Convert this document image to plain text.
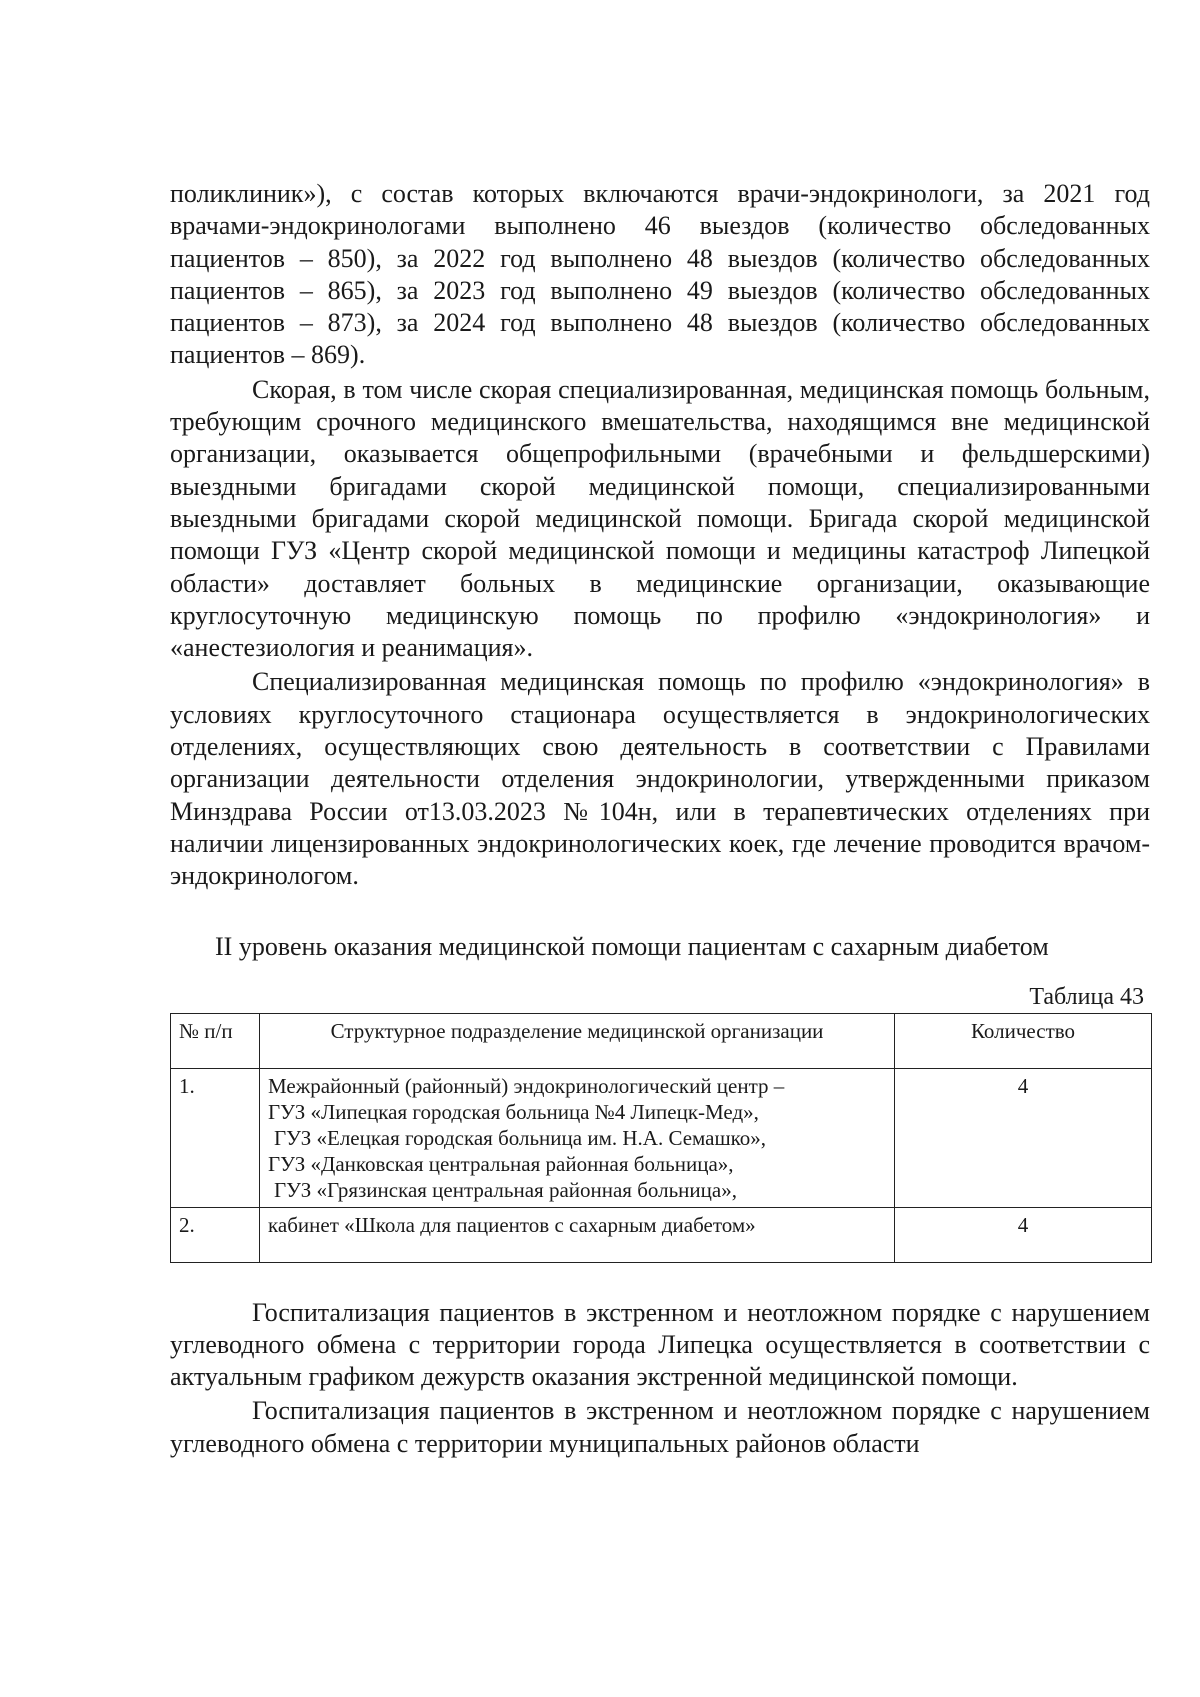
поликлиник»), с состав которых включаются врачи-эндокринологи, за 2021 год врачами-эндокринологами выполнено 46 выездов (количество обследованных пациентов – 850), за 2022 год выполнено 48 выездов (количество обследованных пациентов – 865), за 2023 год выполнено 49 выездов (количество обследованных пациентов – 873), за 2024 год выполнено 48 выездов (количество обследованных пациентов – 869).

Скорая, в том числе скорая специализированная, медицинская помощь больным, требующим срочного медицинского вмешательства, находящимся вне медицинской организации, оказывается общепрофильными (врачебными и фельдшерскими) выездными бригадами скорой медицинской помощи, специализированными выездными бригадами скорой медицинской помощи. Бригада скорой медицинской помощи ГУЗ «Центр скорой медицинской помощи и медицины катастроф Липецкой области» доставляет больных в медицинские организации, оказывающие круглосуточную медицинскую помощь по профилю «эндокринология» и «анестезиология и реанимация».

Специализированная медицинская помощь по профилю «эндокринология» в условиях круглосуточного стационара осуществляется в эндокринологических отделениях, осуществляющих свою деятельность в соответствии с Правилами организации деятельности отделения эндокринологии, утвержденными приказом Минздрава России от13.03.2023 №104н, или в терапевтических отделениях при наличии лицензированных эндокринологических коек, где лечение проводится врачом-эндокринологом.

II уровень оказания медицинской помощи пациентам с сахарным диабетом
Таблица 43
№ п/п	Структурное подразделение медицинской организации	Количество
1.	Межрайонный (районный) эндокринологический центр –
ГУЗ «Липецкая городская больница №4 Липецк-Мед»,
ГУЗ «Елецкая городская больница им. Н.А. Семашко»,
ГУЗ «Данковская центральная районная больница»,
ГУЗ «Грязинская центральная районная больница»,	4
2.	кабинет «Школа для пациентов с сахарным диабетом»	4

Госпитализация пациентов в экстренном и неотложном порядке с нарушением углеводного обмена с территории города Липецка осуществляется в соответствии с актуальным графиком дежурств оказания экстренной медицинской помощи.

Госпитализация пациентов в экстренном и неотложном порядке с нарушением углеводного обмена с территории муниципальных районов области
